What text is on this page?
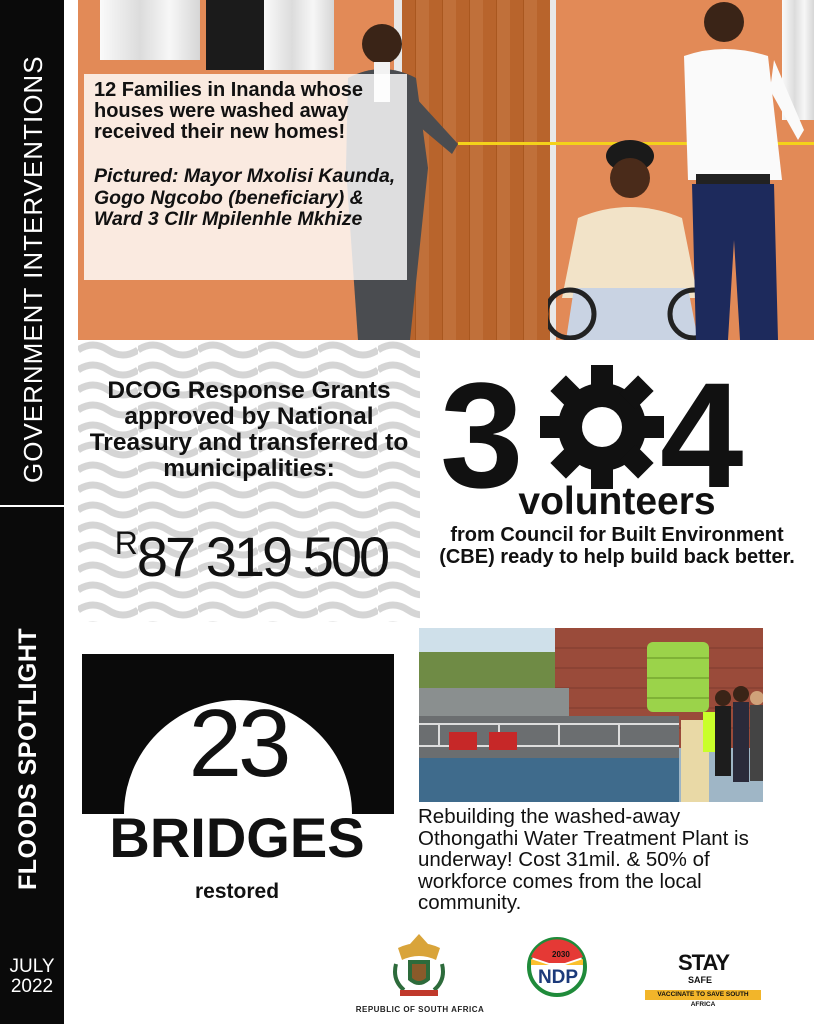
GOVERNMENT INTERVENTIONS
FLOODS SPOTLIGHT
JULY
2022
12 Families in Inanda whose houses were washed away received their new homes!
Pictured: Mayor Mxolisi Kaunda, Gogo Ngcobo (beneficiary) & Ward 3 Cllr Mpilenhle Mkhize
DCOG Response Grants approved by National Treasury and transferred to municipalities:
R87 319 500
3 4
volunteers
from Council for Built Environment (CBE) ready to help build back better.
23
BRIDGES
restored
Rebuilding the washed-away Othongathi Water Treatment Plant is underway! Cost 31mil. & 50% of workforce comes from the local community.
REPUBLIC OF SOUTH AFRICA
2030
NDP
STAY
SAFE
VACCINATE TO SAVE SOUTH AFRICA
